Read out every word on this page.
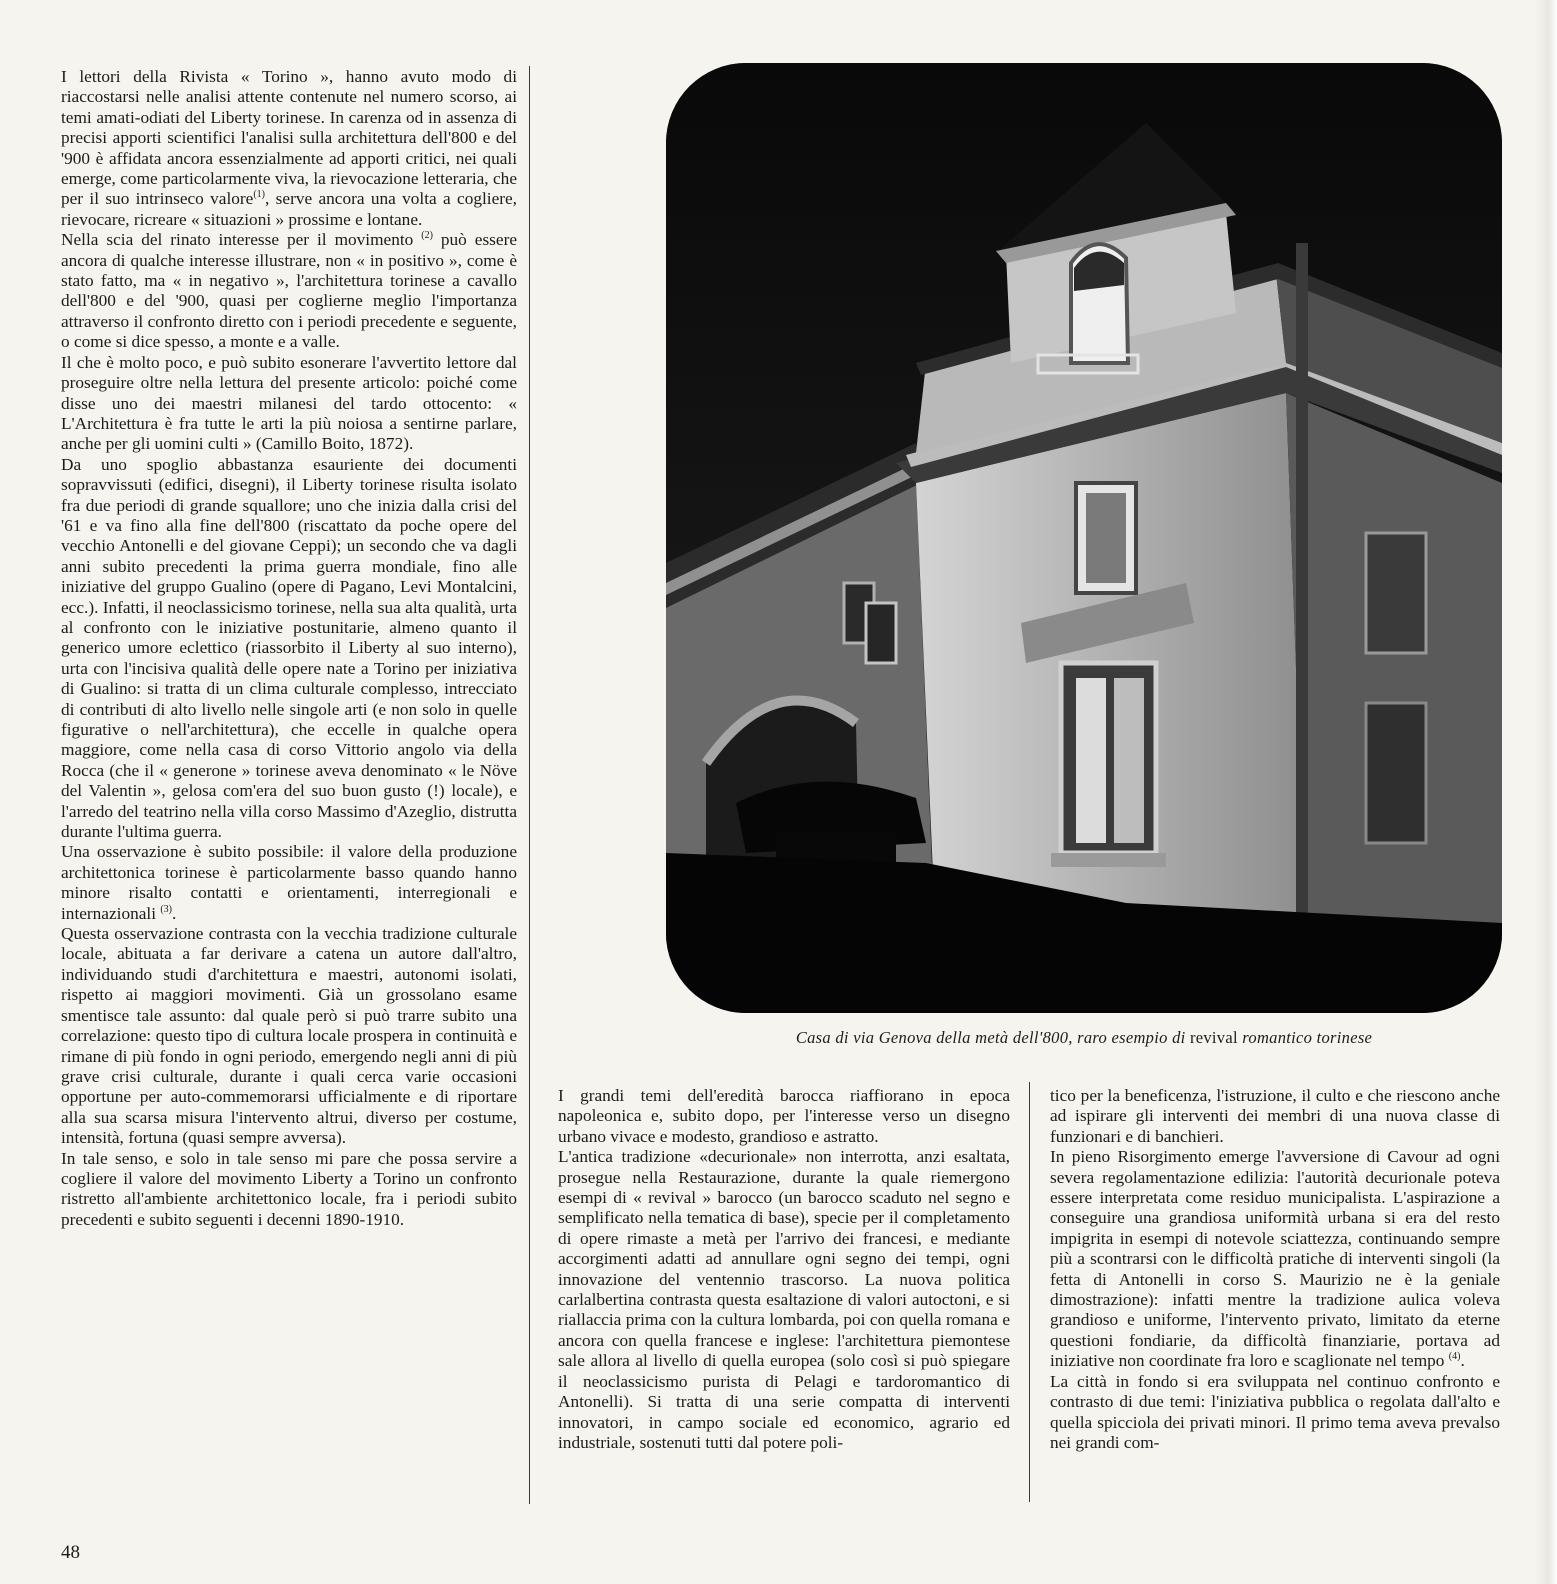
I lettori della Rivista « Torino », hanno avuto modo di riaccostarsi nelle analisi attente contenute nel numero scorso, ai temi amati-odiati del Liberty torinese. In carenza od in assenza di precisi apporti scientifici l'analisi sulla architettura dell'800 e del '900 è affidata ancora essenzialmente ad apporti critici, nei quali emerge, come particolarmente viva, la rievocazione letteraria, che per il suo intrinseco valore$^{(1)}$, serve ancora una volta a cogliere, rievocare, ricreare « situazioni » prossime e lontane.

Nella scia del rinato interesse per il movimento $^{(2)}$ può essere ancora di qualche interesse illustrare, non « in positivo », come è stato fatto, ma « in negativo », l'architettura torinese a cavallo dell'800 e del '900, quasi per coglierne meglio l'importanza attraverso il confronto diretto con i periodi precedente e seguente, o come si dice spesso, a monte e a valle.

Il che è molto poco, e può subito esonerare l'avvertito lettore dal proseguire oltre nella lettura del presente articolo: poiché come disse uno dei maestri milanesi del tardo ottocento: « L'Architettura è fra tutte le arti la più noiosa a sentirne parlare, anche per gli uomini culti » (Camillo Boito, 1872).

Da uno spoglio abbastanza esauriente dei documenti sopravvissuti (edifici, disegni), il Liberty torinese risulta isolato fra due periodi di grande squallore; uno che inizia dalla crisi del '61 e va fino alla fine dell'800 (riscattato da poche opere del vecchio Antonelli e del giovane Ceppi); un secondo che va dagli anni subito precedenti la prima guerra mondiale, fino alle iniziative del gruppo Gualino (opere di Pagano, Levi Montalcini, ecc.). Infatti, il neoclassicismo torinese, nella sua alta qualità, urta al confronto con le iniziative postunitarie, almeno quanto il generico umore eclettico (riassorbito il Liberty al suo interno), urta con l'incisiva qualità delle opere nate a Torino per iniziativa di Gualino: si tratta di un clima culturale complesso, intrecciato di contributi di alto livello nelle singole arti (e non solo in quelle figurative o nell'architettura), che eccelle in qualche opera maggiore, come nella casa di corso Vittorio angolo via della Rocca (che il « generone » torinese aveva denominato « le Növe del Valentin », gelosa com'era del suo buon gusto (!) locale), e l'arredo del teatrino nella villa corso Massimo d'Azeglio, distrutta durante l'ultima guerra.

Una osservazione è subito possibile: il valore della produzione architettonica torinese è particolarmente basso quando hanno minore risalto contatti e orientamenti, interregionali e internazionali $^{(3)}$.

Questa osservazione contrasta con la vecchia tradizione culturale locale, abituata a far derivare a catena un autore dall'altro, individuando studi d'architettura e maestri, autonomi isolati, rispetto ai maggiori movimenti. Già un grossolano esame smentisce tale assunto: dal quale però si può trarre subito una correlazione: questo tipo di cultura locale prospera in continuità e rimane di più fondo in ogni periodo, emergendo negli anni di più grave crisi culturale, durante i quali cerca varie occasioni opportune per auto-commemorarsi ufficialmente e di riportare alla sua scarsa misura l'intervento altrui, diverso per costume, intensità, fortuna (quasi sempre avversa).

In tale senso, e solo in tale senso mi pare che possa servire a cogliere il valore del movimento Liberty a Torino un confronto ristretto all'ambiente architettonico locale, fra i periodi subito precedenti e subito seguenti i decenni 1890-1910.

Casa di via Genova della metà dell'800, raro esempio di revival romantico torinese

I grandi temi dell'eredità barocca riaffiorano in epoca napoleonica e, subito dopo, per l'interesse verso un disegno urbano vivace e modesto, grandioso e astratto.

L'antica tradizione «decurionale» non interrotta, anzi esaltata, prosegue nella Restaurazione, durante la quale riemergono esempi di « revival » barocco (un barocco scaduto nel segno e semplificato nella tematica di base), specie per il completamento di opere rimaste a metà per l'arrivo dei francesi, e mediante accorgimenti adatti ad annullare ogni segno dei tempi, ogni innovazione del ventennio trascorso. La nuova politica carlalbertina contrasta questa esaltazione di valori autoctoni, e si riallaccia prima con la cultura lombarda, poi con quella romana e ancora con quella francese e inglese: l'architettura piemontese sale allora al livello di quella europea (solo così si può spiegare il neoclassicismo purista di Pelagi e tardoromantico di Antonelli). Si tratta di una serie compatta di interventi innovatori, in campo sociale ed economico, agrario ed industriale, sostenuti tutti dal potere poli-

tico per la beneficenza, l'istruzione, il culto e che riescono anche ad ispirare gli interventi dei membri di una nuova classe di funzionari e di banchieri.

In pieno Risorgimento emerge l'avversione di Cavour ad ogni severa regolamentazione edilizia: l'autorità decurionale poteva essere interpretata come residuo municipalista. L'aspirazione a conseguire una grandiosa uniformità urbana si era del resto impigrita in esempi di notevole sciattezza, continuando sempre più a scontrarsi con le difficoltà pratiche di interventi singoli (la fetta di Antonelli in corso S. Maurizio ne è la geniale dimostrazione): infatti mentre la tradizione aulica voleva grandioso e uniforme, l'intervento privato, limitato da eterne questioni fondiarie, da difficoltà finanziarie, portava ad iniziative non coordinate fra loro e scaglionate nel tempo $^{(4)}$.

La città in fondo si era sviluppata nel continuo confronto e contrasto di due temi: l'iniziativa pubblica o regolata dall'alto e quella spicciola dei privati minori. Il primo tema aveva prevalso nei grandi com-

48
